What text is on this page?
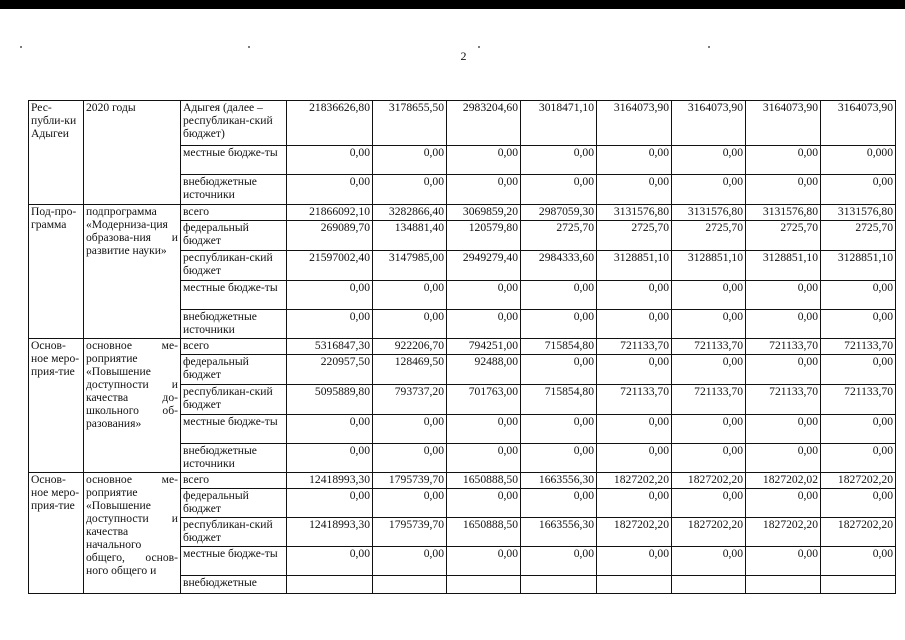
2
Рес-публи-ки Адыгеи	2020 годы	Адыгея (далее – республикан-ский бюджет)	21836626,80	3178655,50	2983204,60	3018471,10	3164073,90	3164073,90	3164073,90	3164073,90
		местные бюдже-ты	0,00	0,00	0,00	0,00	0,00	0,00	0,00	0,000
		внебюджетные источники	0,00	0,00	0,00	0,00	0,00	0,00	0,00	0,00
Под-про-грамма	подпрограмма «Модерниза-ция образова-ния и развитие науки»	всего	21866092,10	3282866,40	3069859,20	2987059,30	3131576,80	3131576,80	3131576,80	3131576,80
		федеральный бюджет	269089,70	134881,40	120579,80	2725,70	2725,70	2725,70	2725,70	2725,70
		республикан-ский бюджет	21597002,40	3147985,00	2949279,40	2984333,60	3128851,10	3128851,10	3128851,10	3128851,10
		местные бюдже-ты	0,00	0,00	0,00	0,00	0,00	0,00	0,00	0,00
		внебюджетные источники	0,00	0,00	0,00	0,00	0,00	0,00	0,00	0,00
Основ-ное меро-прия-тие	основное ме-роприятие «Повышение доступности и качества до-школьного об-разования»	всего	5316847,30	922206,70	794251,00	715854,80	721133,70	721133,70	721133,70	721133,70
		федеральный бюджет	220957,50	128469,50	92488,00	0,00	0,00	0,00	0,00	0,00
		республикан-ский бюджет	5095889,80	793737,20	701763,00	715854,80	721133,70	721133,70	721133,70	721133,70
		местные бюдже-ты	0,00	0,00	0,00	0,00	0,00	0,00	0,00	0,00
		внебюджетные источники	0,00	0,00	0,00	0,00	0,00	0,00	0,00	0,00
Основ-ное меро-прия-тие	основное ме-роприятие «Повышение доступности и качества начального общего, основ-ного общего и	всего	12418993,30	1795739,70	1650888,50	1663556,30	1827202,20	1827202,20	1827202,02	1827202,20
		федеральный бюджет	0,00	0,00	0,00	0,00	0,00	0,00	0,00	0,00
		республикан-ский бюджет	12418993,30	1795739,70	1650888,50	1663556,30	1827202,20	1827202,20	1827202,20	1827202,20
		местные бюдже-ты	0,00	0,00	0,00	0,00	0,00	0,00	0,00	0,00
		внебюджетные								
